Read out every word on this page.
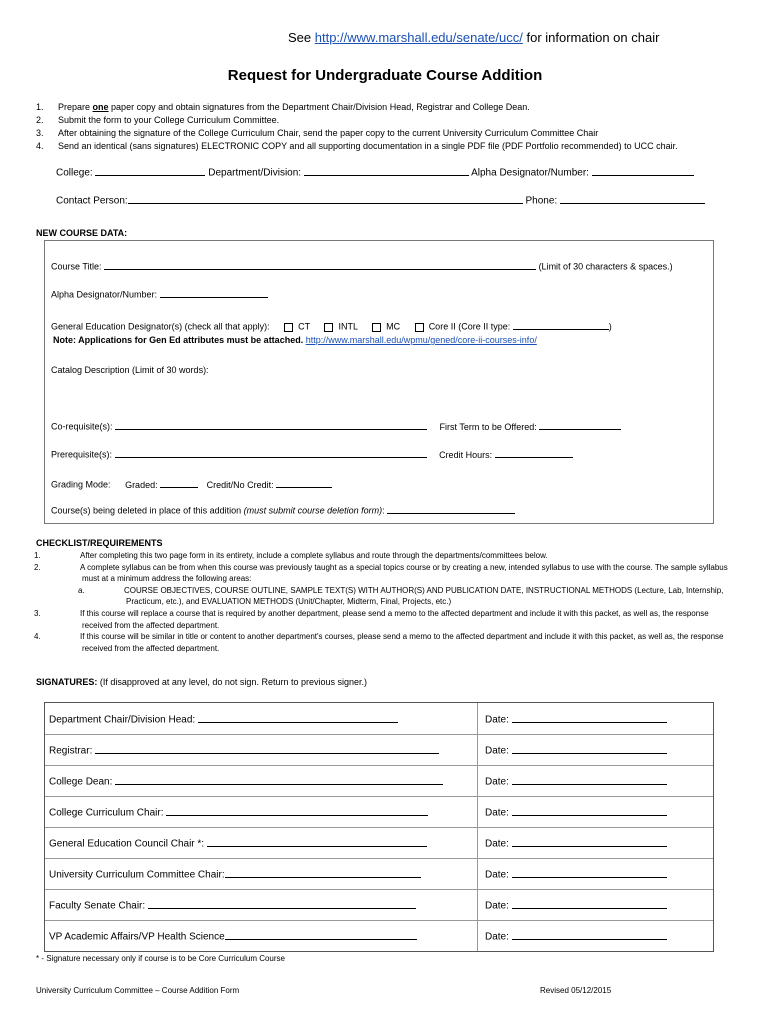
See http://www.marshall.edu/senate/ucc/ for information on chair
Request for Undergraduate Course Addition
1. Prepare one paper copy and obtain signatures from the Department Chair/Division Head, Registrar and College Dean.
2. Submit the form to your College Curriculum Committee.
3. After obtaining the signature of the College Curriculum Chair, send the paper copy to the current University Curriculum Committee Chair
4. Send an identical (sans signatures) ELECTRONIC COPY and all supporting documentation in a single PDF file (PDF Portfolio recommended) to UCC chair.
College:	Department/Division:	Alpha Designator/Number:
Contact Person:	Phone:
NEW COURSE DATA:
Course Title:	(Limit of 30 characters & spaces.)
Alpha Designator/Number:
General Education Designator(s) (check all that apply):	CT	INTL	MC	Core II (Core II type:	)
Note: Applications for Gen Ed attributes must be attached. http://www.marshall.edu/wpmu/gened/core-ii-courses-info/
Catalog Description (Limit of 30 words):
Co-requisite(s):	First Term to be Offered:
Prerequisite(s):	Credit Hours:
Grading Mode: Graded:	Credit/No Credit:
Course(s) being deleted in place of this addition (must submit course deletion form):
CHECKLIST/REQUIREMENTS
1.	After completing this two page form in its entirety, include a complete syllabus and route through the departments/committees below.
2.	A complete syllabus can be from when this course was previously taught as a special topics course or by creating a new, intended syllabus to use with the course. The sample syllabus must at a minimum address the following areas:
a.	COURSE OBJECTIVES, COURSE OUTLINE, SAMPLE TEXT(S) WITH AUTHOR(S) AND PUBLICATION DATE, INSTRUCTIONAL METHODS (Lecture, Lab, Internship, Practicum, etc.), and EVALUATION METHODS (Unit/Chapter, Midterm, Final, Projects, etc.)
3.	If this course will replace a course that is required by another department, please send a memo to the affected department and include it with this packet, as well as, the response received from the affected department.
4.	If this course will be similar in title or content to another department's courses, please send a memo to the affected department and include it with this packet, as well as, the response received from the affected department.
SIGNATURES: (If disapproved at any level, do not sign. Return to previous signer.)
Department Chair/Division Head:	Date:
Registrar:	Date:
College Dean:	Date:
College Curriculum Chair:	Date:
General Education Council Chair *:	Date:
University Curriculum Committee Chair:	Date:
Faculty Senate Chair:	Date:
VP Academic Affairs/VP Health Science	Date:
* - Signature necessary only if course is to be Core Curriculum Course
University Curriculum Committee – Course Addition Form	Revised 05/12/2015
